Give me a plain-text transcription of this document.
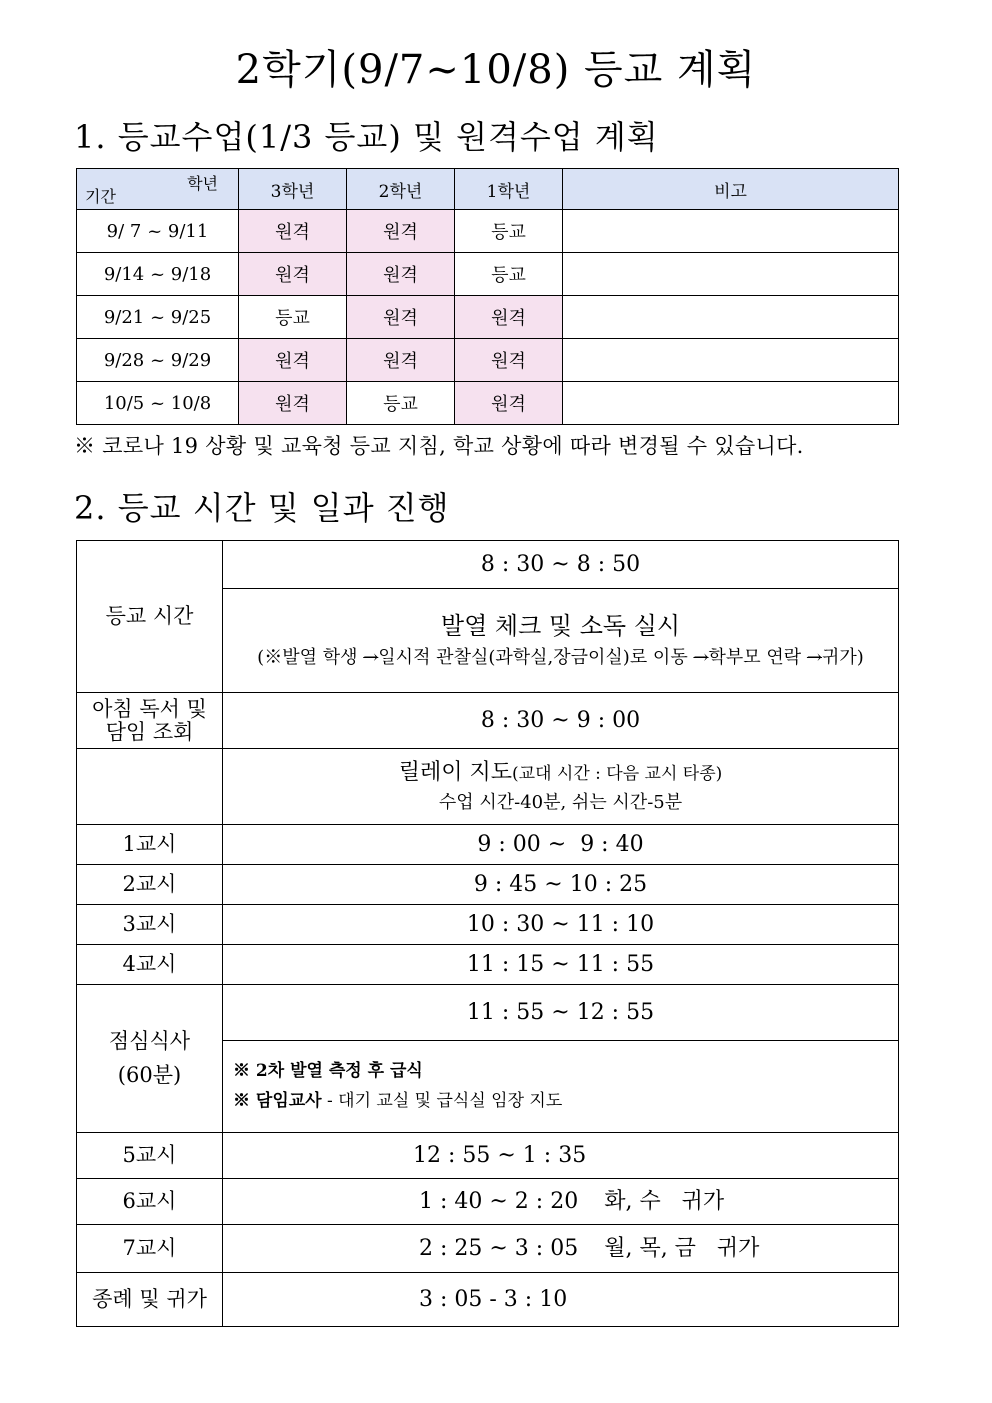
2학기(9/7~10/8) 등교 계획
1. 등교수업(1/3 등교) 및 원격수업 계획
학년
기간	3학년	2학년	1학년	비고
9/ 7 ~ 9/11	원격	원격	등교	
9/14 ~ 9/18	원격	원격	등교	
9/21 ~ 9/25	등교	원격	원격	
9/28 ~ 9/29	원격	원격	원격	
10/5 ~ 10/8	원격	등교	원격	
※ 코로나 19 상황 및 교육청 등교 지침, 학교 상황에 따라 변경될 수 있습니다.
2. 등교 시간 및 일과 진행
등교 시간	8 : 30 ~ 8 : 50

	발열 체크 및 소독 실시
(※발열 학생 →일시적 관찰실(과학실,장금이실)로 이동 →학부모 연락 →귀가)

아침 독서 및
담임 조회	8 : 30 ~ 9 : 00

	릴레이 지도(교대 시간 : 다음 교시 타종)
수업 시간-40분, 쉬는 시간-5분

1교시	9 : 00 ~  9 : 40
2교시	9 : 45 ~ 10 : 25
3교시	10 : 30 ~ 11 : 10
4교시	11 : 15 ~ 11 : 55

점심식사
(60분)	11 : 55 ~ 12 : 55

	※ 2차 발열 측정 후 급식
※ 담임교사 - 대기 교실 및 급식실 임장 지도

5교시	12 : 55 ~ 1 : 35
6교시	1 : 40 ~ 2 : 20 화, 수   귀가
7교시	2 : 25 ~ 3 : 05 월, 목, 금   귀가
종례 및 귀가	3 : 05 - 3 : 10
